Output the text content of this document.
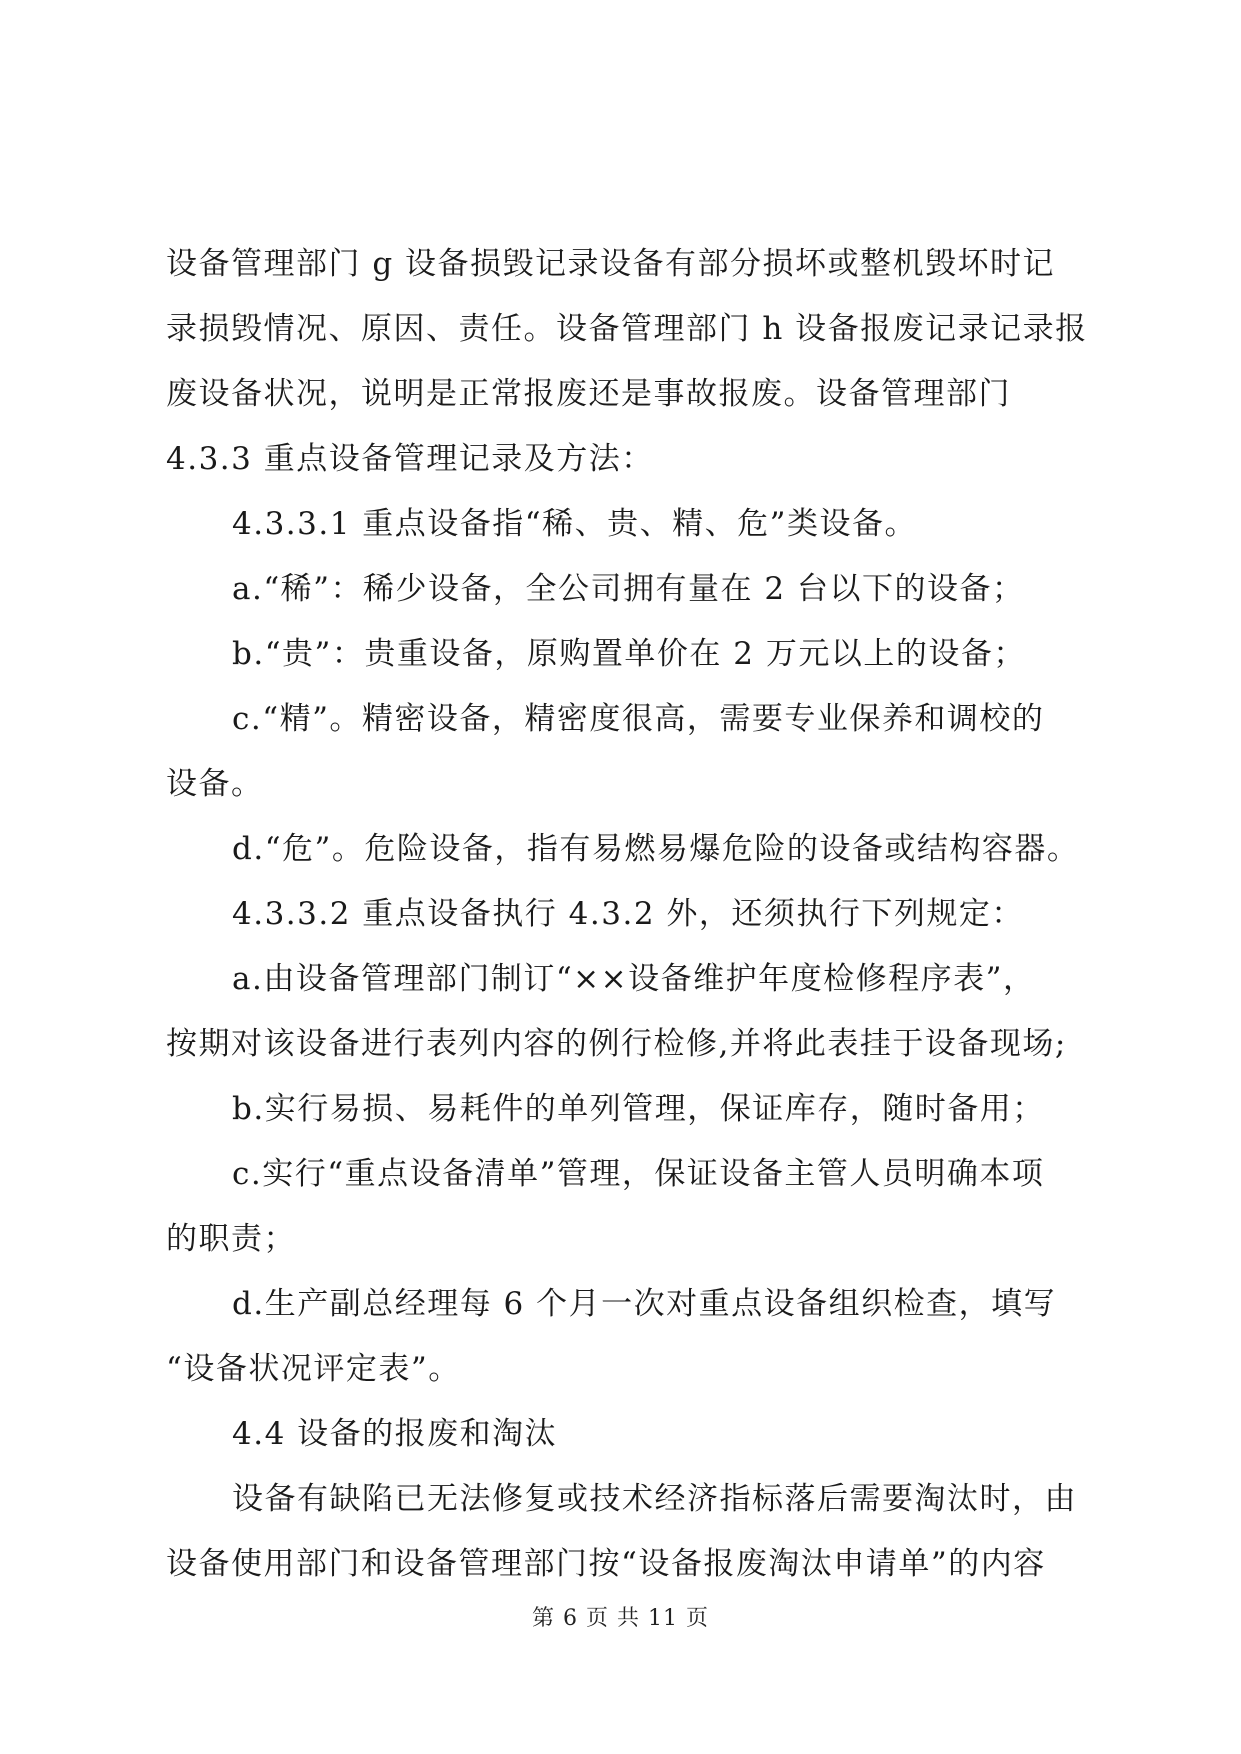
设备管理部门 g 设备损毁记录设备有部分损坏或整机毁坏时记
录损毁情况、原因、责任。设备管理部门 h 设备报废记录记录报
废设备状况，说明是正常报废还是事故报废。设备管理部门
4.3.3 重点设备管理记录及方法：
4.3.3.1 重点设备指“稀、贵、精、危”类设备。
a.“稀”：稀少设备，全公司拥有量在 2 台以下的设备；
b.“贵”：贵重设备，原购置单价在 2 万元以上的设备；
c.“精”。精密设备，精密度很高，需要专业保养和调校的
设备。
d.“危”。危险设备，指有易燃易爆危险的设备或结构容器。
4.3.3.2 重点设备执行 4.3.2 外，还须执行下列规定：
a.由设备管理部门制订“××设备维护年度检修程序表”，
按期对该设备进行表列内容的例行检修,并将此表挂于设备现场;
b.实行易损、易耗件的单列管理，保证库存，随时备用；
c.实行“重点设备清单”管理，保证设备主管人员明确本项
的职责；
d.生产副总经理每 6 个月一次对重点设备组织检查，填写
“设备状况评定表”。
4.4 设备的报废和淘汰
设备有缺陷已无法修复或技术经济指标落后需要淘汰时，由
设备使用部门和设备管理部门按“设备报废淘汰申请单”的内容
第 6 页 共 11 页
